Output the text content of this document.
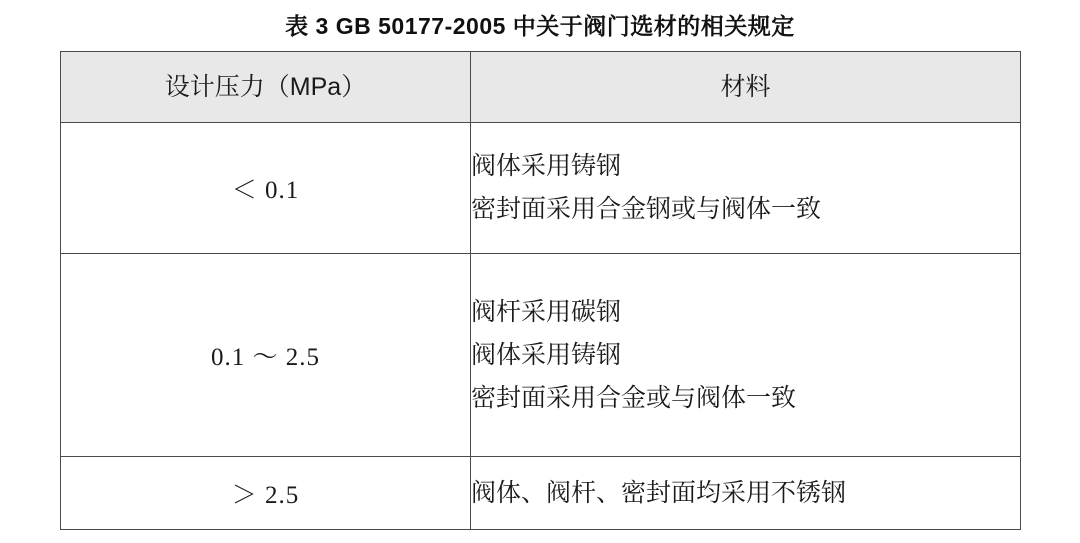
表 3 GB 50177-2005 中关于阀门选材的相关规定
设计压力（MPa）	材料

＜ 0.1	阀体采用铸钢
密封面采用合金钢或与阀体一致

0.1 ～ 2.5	阀杆采用碳钢
阀体采用铸钢
密封面采用合金或与阀体一致

＞ 2.5	阀体、阀杆、密封面均采用不锈钢
